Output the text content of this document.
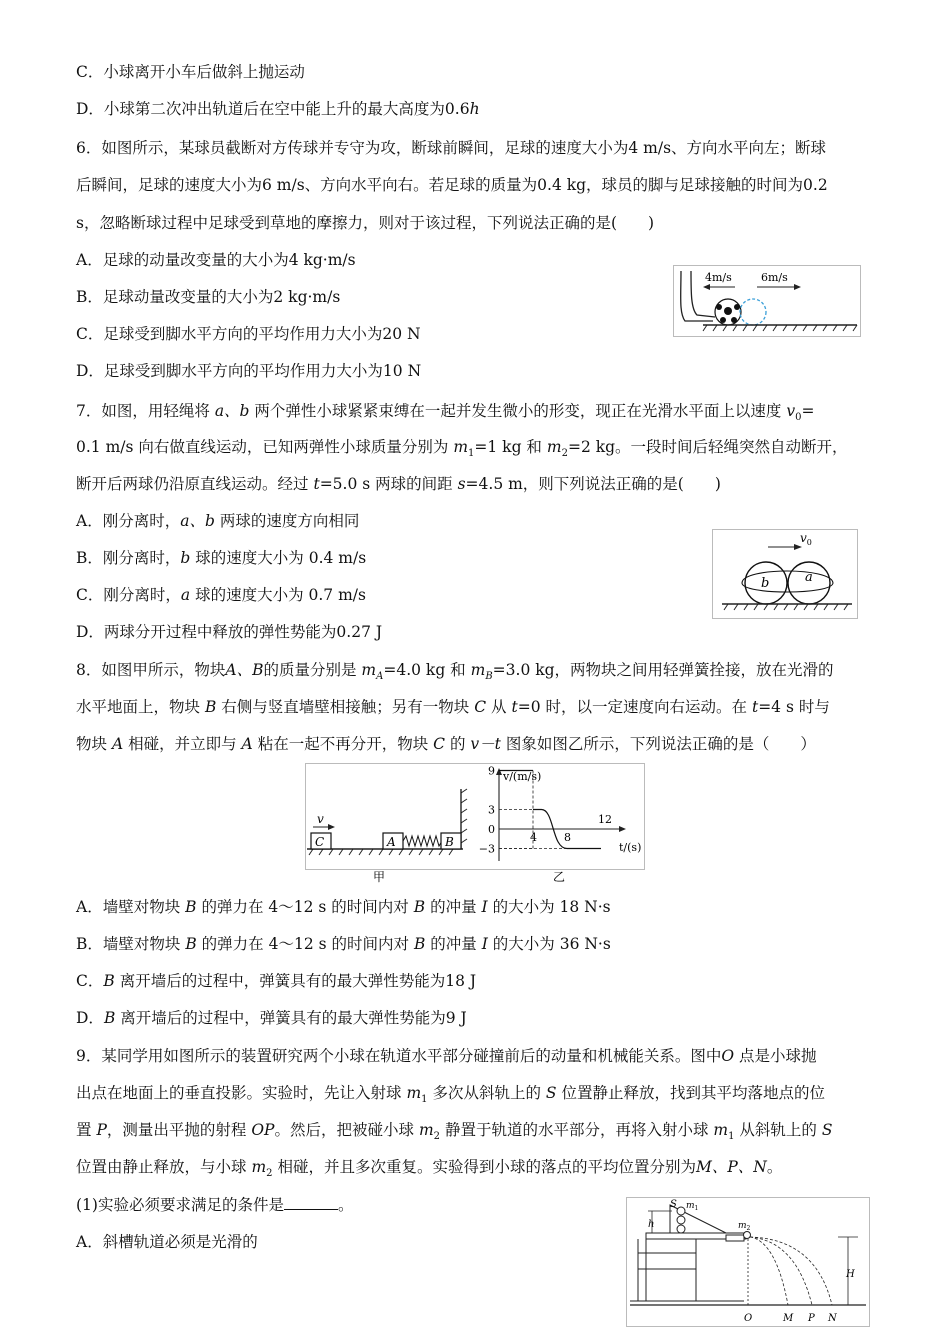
C．小球离开小车后做斜上抛运动
D．小球第二次冲出轨道后在空中能上升的最大高度为0.6h
6．如图所示，某球员截断对方传球并专守为攻，断球前瞬间，足球的速度大小为4 m/s、方向水平向左；断球
后瞬间，足球的速度大小为6 m/s、方向水平向右。若足球的质量为0.4 kg，球员的脚与足球接触的时间为0.2
s，忽略断球过程中足球受到草地的摩擦力，则对于该过程，下列说法正确的是(　　)
A．足球的动量改变量的大小为4 kg·m/s
B．足球动量改变量的大小为2 kg·m/s
C．足球受到脚水平方向的平均作用力大小为20 N
D．足球受到脚水平方向的平均作用力大小为10 N
4m/s	6m/s
7．如图，用轻绳将 a、b 两个弹性小球紧紧束缚在一起并发生微小的形变，现正在光滑水平面上以速度 $v_0=$
0.1 m/s 向右做直线运动，已知两弹性小球质量分别为 $m_1=1$ kg 和 $m_2=2$ kg。一段时间后轻绳突然自动断开，
断开后两球仍沿原直线运动。经过 t=5.0 s 两球的间距 s=4.5 m，则下列说法正确的是(　　)
A．刚分离时，a、b 两球的速度方向相同
B．刚分离时，b 球的速度大小为 0.4 m/s
C．刚分离时，a 球的速度大小为 0.7 m/s
D．两球分开过程中释放的弹性势能为0.27 J
$v_0$
b	a
8．如图甲所示，物块A、B的质量分别是 $m_A=4.0$ kg 和 $m_B=3.0$ kg，两物块之间用轻弹簧拴接，放在光滑的
水平地面上，物块 B 右侧与竖直墙壁相接触；另有一物块 C 从 t=0 时，以一定速度向右运动。在 t=4 s 时与
物块 A 相碰，并立即与 A 粘在一起不再分开，物块 C 的 v－t 图象如图乙所示，下列说法正确的是（　　）
C
v
A	B
v/(m/s)
t/(s)
9
3
0
−3
4 8
12
甲	乙
A．墙壁对物块 B 的弹力在 4～12 s 的时间内对 B 的冲量 I 的大小为 18 N·s
B．墙壁对物块 B 的弹力在 4～12 s 的时间内对 B 的冲量 I 的大小为 36 N·s
C．B 离开墙后的过程中，弹簧具有的最大弹性势能为18 J
D．B 离开墙后的过程中，弹簧具有的最大弹性势能为9 J
9．某同学用如图所示的装置研究两个小球在轨道水平部分碰撞前后的动量和机械能关系。图中O 点是小球抛
出点在地面上的垂直投影。实验时，先让入射球 $m_1$ 多次从斜轨上的 S 位置静止释放，找到其平均落地点的位
置 P，测量出平抛的射程 OP。然后，把被碰小球 $m_2$ 静置于轨道的水平部分，再将入射小球 $m_1$ 从斜轨上的 S
位置由静止释放，与小球 $m_2$ 相碰，并且多次重复。实验得到小球的落点的平均位置分别为M、P、N。
(1)实验必须要求满足的条件是	。
A．斜槽轨道必须是光滑的
S $m_1$
h	$m_2$
H
O	M P N
